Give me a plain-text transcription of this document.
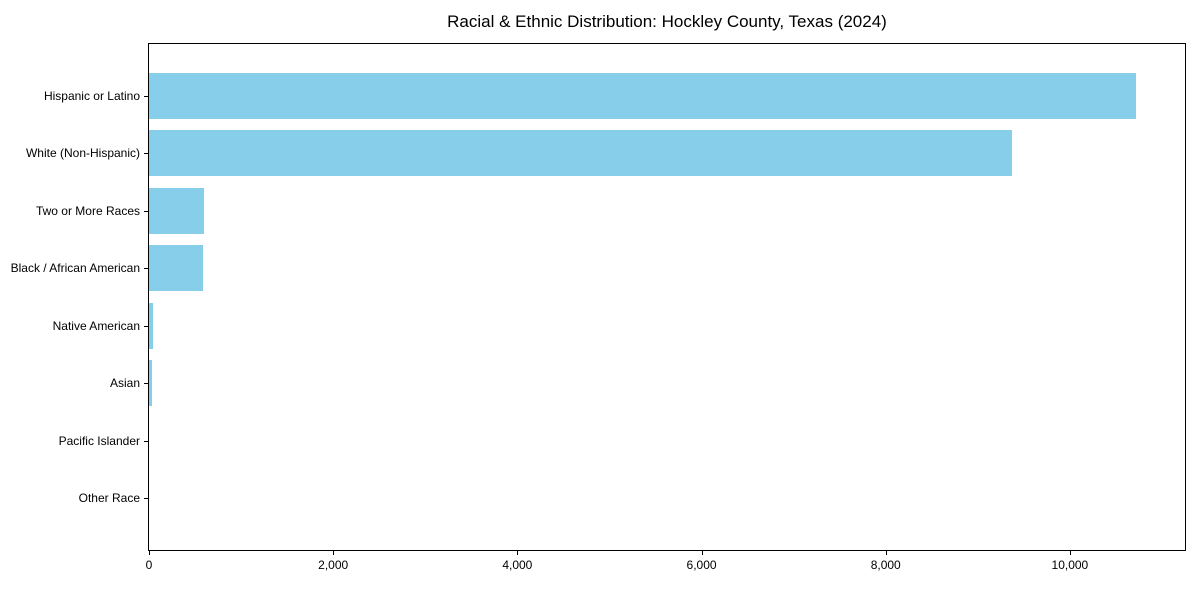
Racial & Ethnic Distribution: Hockley County, Texas (2024)
Hispanic or Latino
White (Non-Hispanic)
Two or More Races
Black / African American
Native American
Asian
Pacific Islander
Other Race
0	2,000	4,000	6,000	8,000	10,000
